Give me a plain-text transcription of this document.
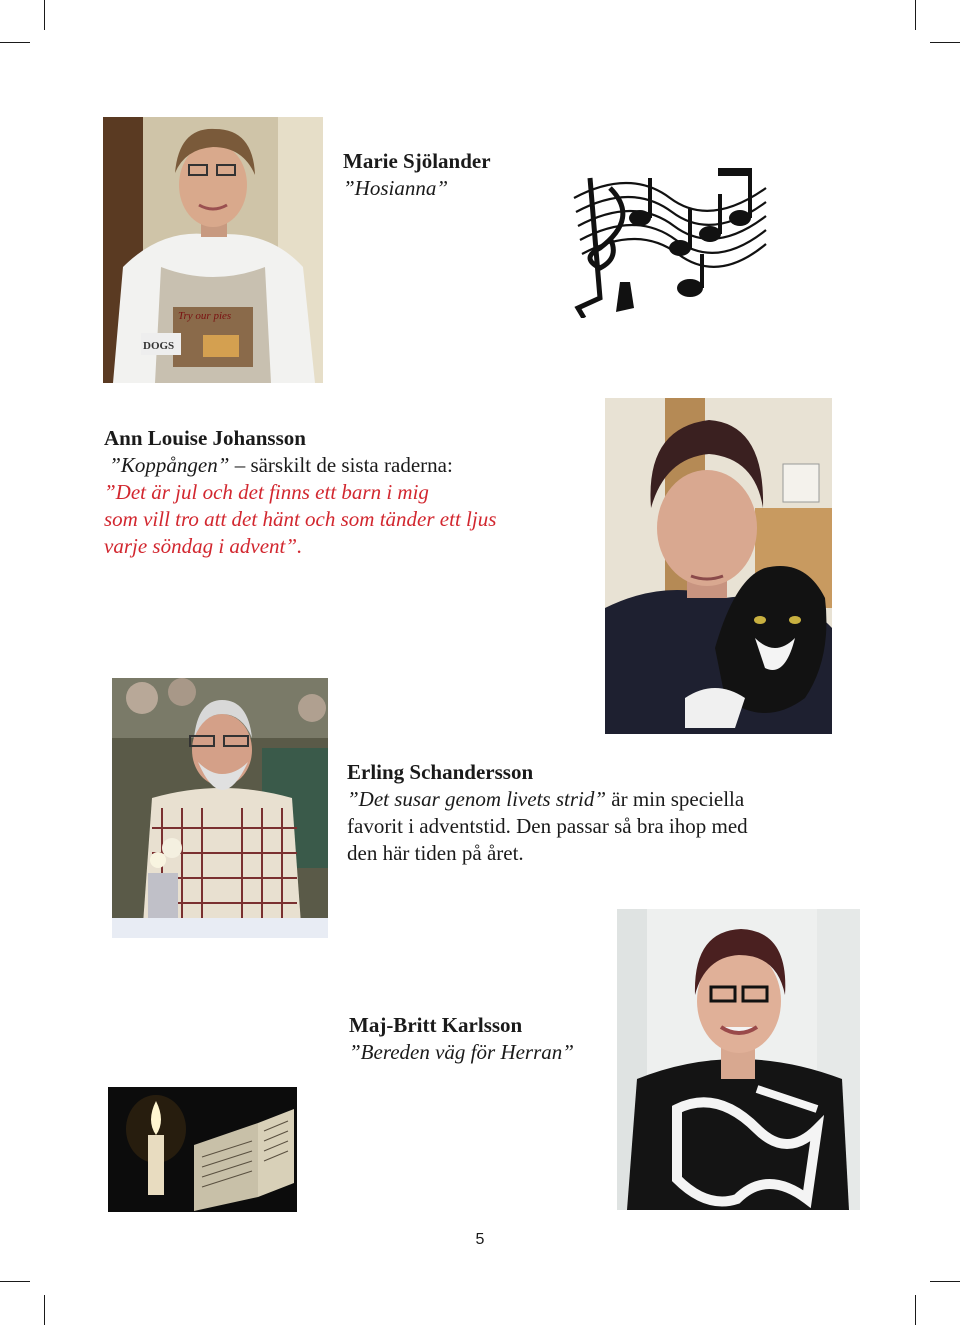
Try our pies
DOGS
Marie Sjölander
”Hosianna”
Ann Louise Johansson
”Koppången” – särskilt de sista raderna:
”Det är jul och det finns ett barn i mig
som vill tro att det hänt och som tänder ett ljus
varje söndag i advent”.
Erling Schandersson
”Det susar genom livets strid” är min speciella
favorit i adventstid. Den passar så bra ihop med
den här tiden på året.
Maj-Britt Karlsson
”Bereden väg för Herran”
5
